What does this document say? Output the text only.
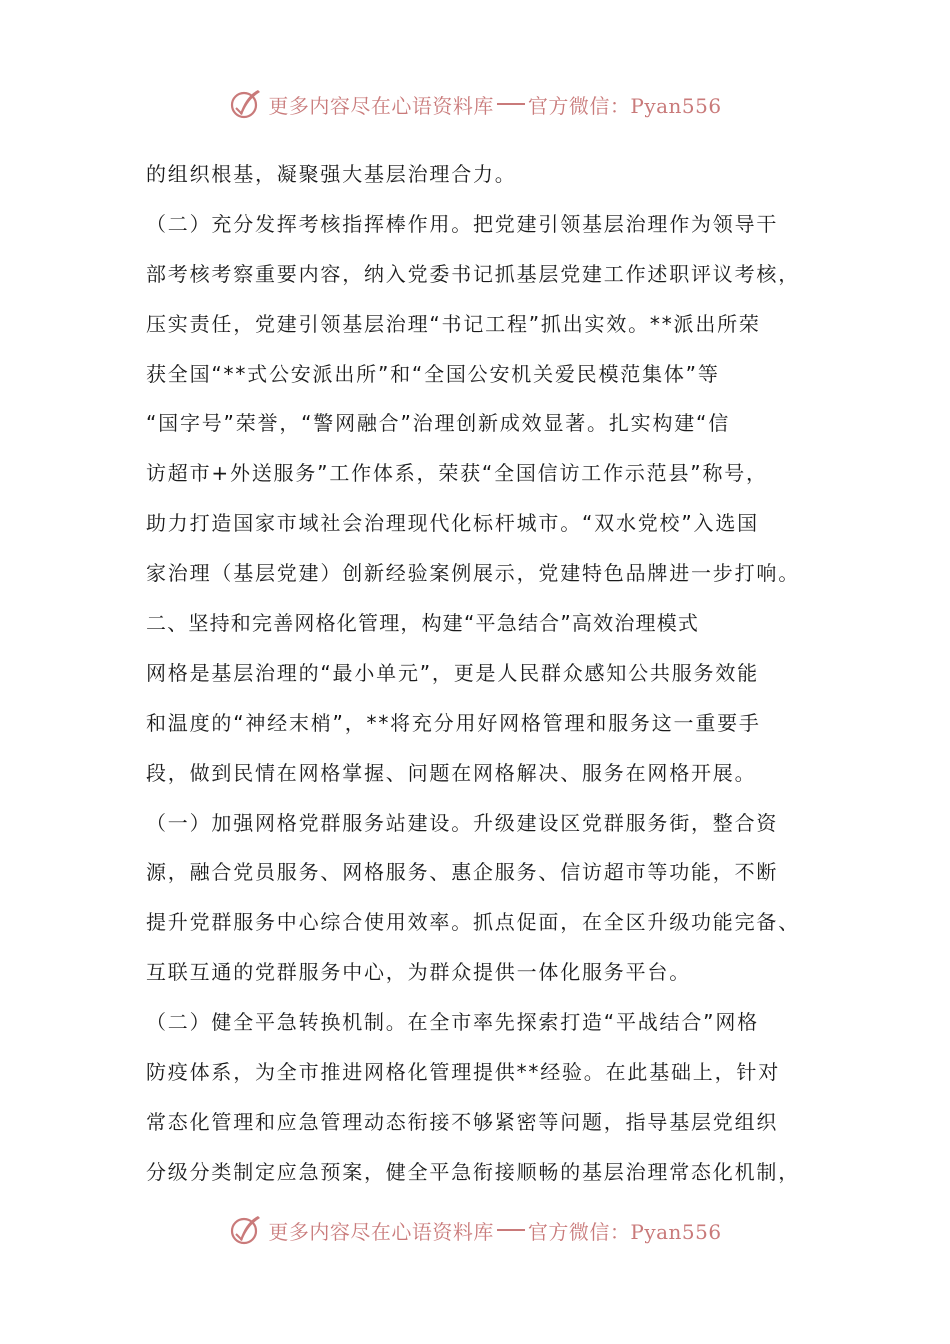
更多内容尽在心语资料库 官方微信：Pyan556
的组织根基，凝聚强大基层治理合力。
（二）充分发挥考核指挥棒作用。把党建引领基层治理作为领导干
部考核考察重要内容，纳入党委书记抓基层党建工作述职评议考核，
压实责任，党建引领基层治理“书记工程”抓出实效。**派出所荣
获全国“**式公安派出所”和“全国公安机关爱民模范集体”等
“国字号”荣誉，“警网融合”治理创新成效显著。扎实构建“信
访超市+外送服务”工作体系，荣获“全国信访工作示范县”称号，
助力打造国家市域社会治理现代化标杆城市。“双水党校”入选国
家治理（基层党建）创新经验案例展示，党建特色品牌进一步打响。
二、坚持和完善网格化管理，构建“平急结合”高效治理模式
网格是基层治理的“最小单元”，更是人民群众感知公共服务效能
和温度的“神经末梢”，**将充分用好网格管理和服务这一重要手
段，做到民情在网格掌握、问题在网格解决、服务在网格开展。
（一）加强网格党群服务站建设。升级建设区党群服务街，整合资
源，融合党员服务、网格服务、惠企服务、信访超市等功能，不断
提升党群服务中心综合使用效率。抓点促面，在全区升级功能完备、
互联互通的党群服务中心，为群众提供一体化服务平台。
（二）健全平急转换机制。在全市率先探索打造“平战结合”网格
防疫体系，为全市推进网格化管理提供**经验。在此基础上，针对
常态化管理和应急管理动态衔接不够紧密等问题，指导基层党组织
分级分类制定应急预案，健全平急衔接顺畅的基层治理常态化机制，
更多内容尽在心语资料库 官方微信：Pyan556
